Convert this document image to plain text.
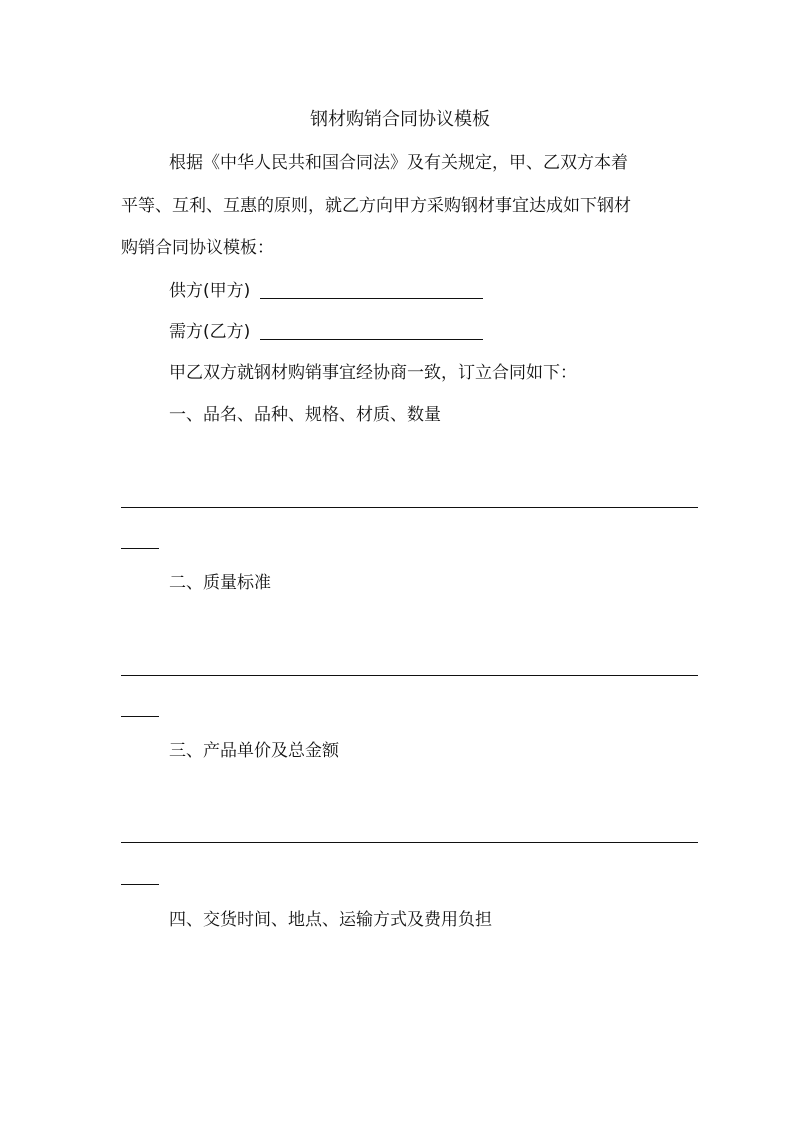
钢材购销合同协议模板
根据《中华人民共和国合同法》及有关规定，甲、乙双方本着
平等、互利、互惠的原则，就乙方向甲方采购钢材事宜达成如下钢材
购销合同协议模板：
供方(甲方)
需方(乙方)
甲乙双方就钢材购销事宜经协商一致，订立合同如下：
一、品名、品种、规格、材质、数量
二、质量标准
三、产品单价及总金额
四、交货时间、地点、运输方式及费用负担
